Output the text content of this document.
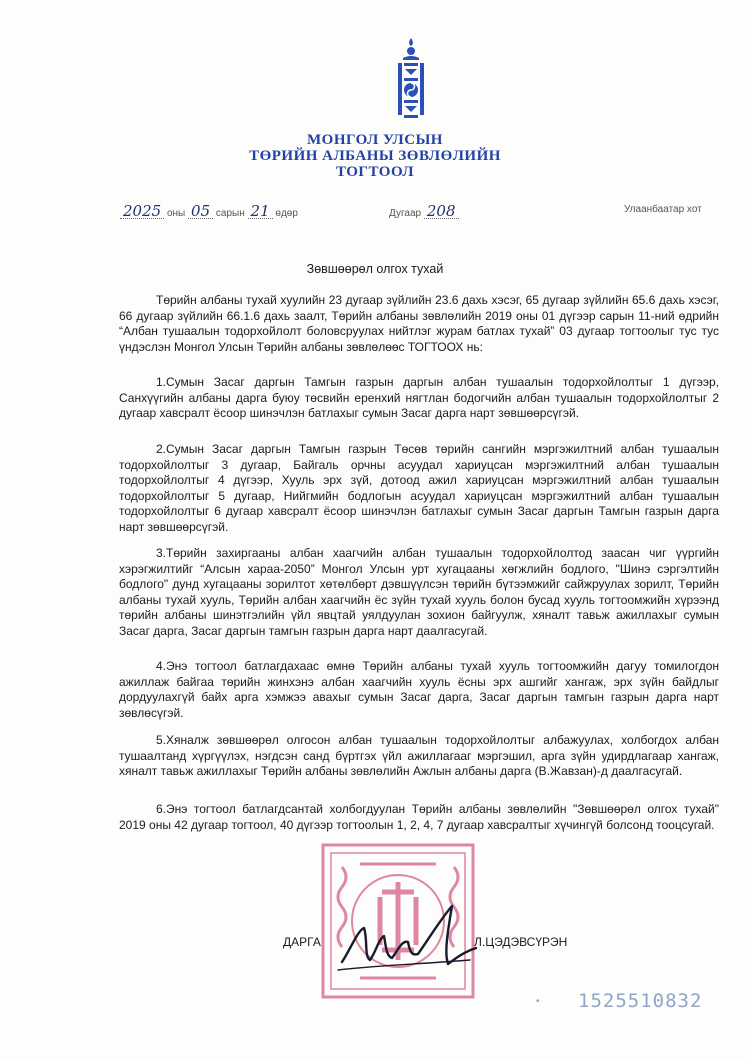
МОНГОЛ УЛСЫН
ТӨРИЙН АЛБАНЫ ЗӨВЛӨЛИЙН
ТОГТООЛ
2025 оны 05 сарын 21 өдөр	Дугаар 208	Улаанбаатар хот
Зөвшөөрөл олгох тухай
Төрийн албаны тухай хуулийн 23 дугаар зүйлийн 23.6 дахь хэсэг, 65 дугаар зүйлийн 65.6 дахь хэсэг, 66 дугаар зүйлийн 66.1.6 дахь заалт, Төрийн албаны зөвлөлийн 2019 оны 01 дүгээр сарын 11-ний өдрийн “Албан тушаалын тодорхойлолт боловсруулах нийтлэг журам батлах тухай” 03 дугаар тогтоолыг тус тус үндэслэн Монгол Улсын Төрийн албаны зөвлөлөөс ТОГТООХ нь:
1.Сумын Засаг даргын Тамгын газрын даргын албан тушаалын тодорхойлолтыг 1 дүгээр, Санхүүгийн албаны дарга буюу төсвийн еренхий нягтлан бодогчийн албан тушаалын тодорхойлолтыг 2 дугаар хавсралт ёсоор шинэчлэн батлахыг сумын Засаг дарга нарт зөвшөөрсүгэй.
2.Сумын Засаг даргын Тамгын газрын Төсөв төрийн сангийн мэргэжилтний албан тушаалын тодорхойлолтыг 3 дугаар, Байгаль орчны асуудал хариуцсан мэргэжилтний албан тушаалын тодорхойлолтыг 4 дүгээр, Хууль эрх зүй, дотоод ажил хариуцсан мэргэжилтний албан тушаалын тодорхойлолтыг 5 дугаар, Нийгмийн бодлогын асуудал хариуцсан мэргэжилтний албан тушаалын тодорхойлолтыг 6 дугаар хавсралт ёсоор шинэчлэн батлахыг сумын Засаг даргын Тамгын газрын дарга нарт зөвшөөрсүгэй.
3.Төрийн захиргааны албан хаагчийн албан тушаалын тодорхойлолтод заасан чиг үүргийн хэрэгжилтийг “Алсын хараа-2050” Монгол Улсын урт хугацааны хөгжлийн бодлого, "Шинэ сэргэлтийн бодлого" дунд хугацааны зорилтот хөтөлбөрт дэвшүүлсэн төрийн бүтээмжийг сайжруулах зорилт, Төрийн албаны тухай хууль, Төрийн албан хаагчийн ёс зүйн тухай хууль болон бусад хууль тогтоомжийн хүрээнд төрийн албаны шинэтгэлийн үйл явцтай уялдуулан зохион байгуулж, хяналт тавьж ажиллахыг сумын Засаг дарга, Засаг даргын тамгын газрын дарга нарт даалгасугай.
4.Энэ тогтоол батлагдахаас өмнө Төрийн албаны тухай хууль тогтоомжийн дагуу томилогдон ажиллаж байгаа төрийн жинхэнэ албан хаагчийн хууль ёсны эрх ашгийг хангаж, эрх зүйн байдлыг дордуулахгүй байх арга хэмжээ авахыг сумын Засаг дарга, Засаг даргын тамгын газрын дарга нарт зөвлөсүгэй.
5.Хяналж зөвшөөрөл олгосон албан тушаалын тодорхойлолтыг албажуулах, холбогдох албан тушаалтанд хүргүүлэх, нэгдсэн санд бүртгэх үйл ажиллагааг мэргэшил, арга зүйн удирдлагаар хангаж, хяналт тавьж ажиллахыг Төрийн албаны зөвлөлийн Ажлын албаны дарга (В.Жавзан)-д даалгасугай.
6.Энэ тогтоол батлагдсантай холбогдуулан Төрийн албаны зөвлөлийн "Зөвшөөрөл олгох тухай" 2019 оны 42 дугаар тогтоол, 40 дүгээр тогтоолын 1, 2, 4, 7 дугаар хавсралтыг хүчингүй болсонд тооцсугай.
ДАРГА	Л.ЦЭДЭВСҮРЭН
• 1525510832
